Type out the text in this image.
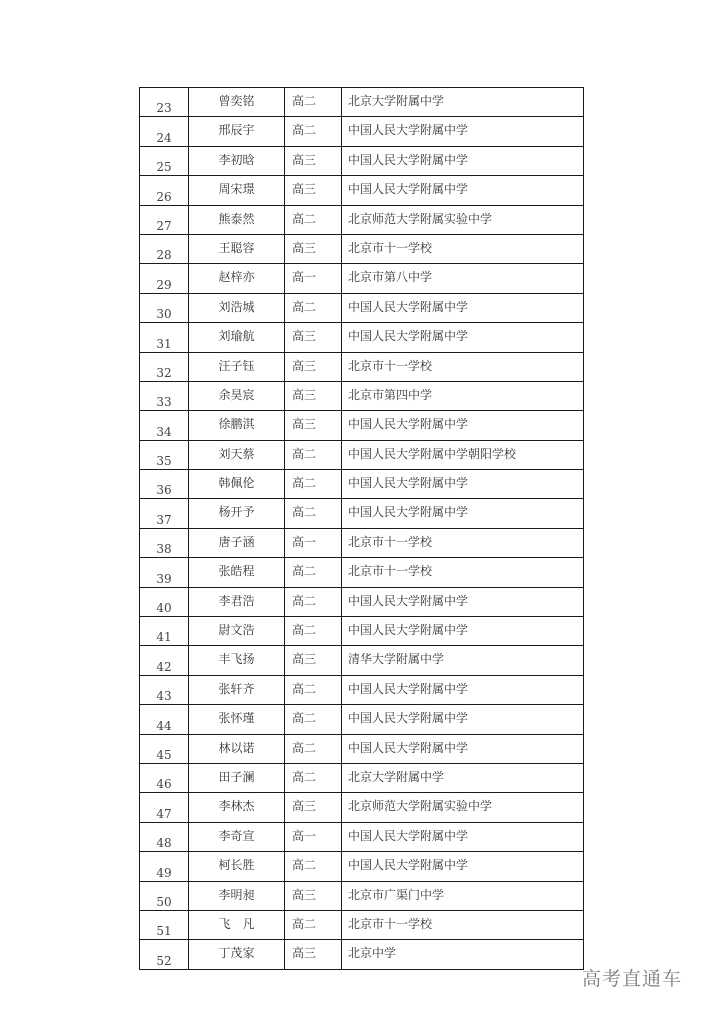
23	曾奕铭	高二	北京大学附属中学
24	邢辰宇	高二	中国人民大学附属中学
25	李初晗	高三	中国人民大学附属中学
26	周宋璟	高三	中国人民大学附属中学
27	熊泰然	高二	北京师范大学附属实验中学
28	王聪容	高三	北京市十一学校
29	赵梓亦	高一	北京市第八中学
30	刘浩城	高二	中国人民大学附属中学
31	刘瑜航	高三	中国人民大学附属中学
32	汪子钰	高三	北京市十一学校
33	余昊宸	高三	北京市第四中学
34	徐鹏淇	高三	中国人民大学附属中学
35	刘天蔡	高二	中国人民大学附属中学朝阳学校
36	韩佩伦	高二	中国人民大学附属中学
37	杨开予	高二	中国人民大学附属中学
38	唐子涵	高一	北京市十一学校
39	张皓程	高二	北京市十一学校
40	李君浩	高二	中国人民大学附属中学
41	尉文浩	高二	中国人民大学附属中学
42	丰飞扬	高三	清华大学附属中学
43	张轩齐	高二	中国人民大学附属中学
44	张怀瑾	高二	中国人民大学附属中学
45	林以诺	高二	中国人民大学附属中学
46	田子澜	高二	北京大学附属中学
47	李林杰	高三	北京师范大学附属实验中学
48	李奇宣	高一	中国人民大学附属中学
49	柯长胜	高二	中国人民大学附属中学
50	李明昶	高三	北京市广渠门中学
51	飞　凡	高二	北京市十一学校
52	丁茂家	高三	北京中学
高考直通车
